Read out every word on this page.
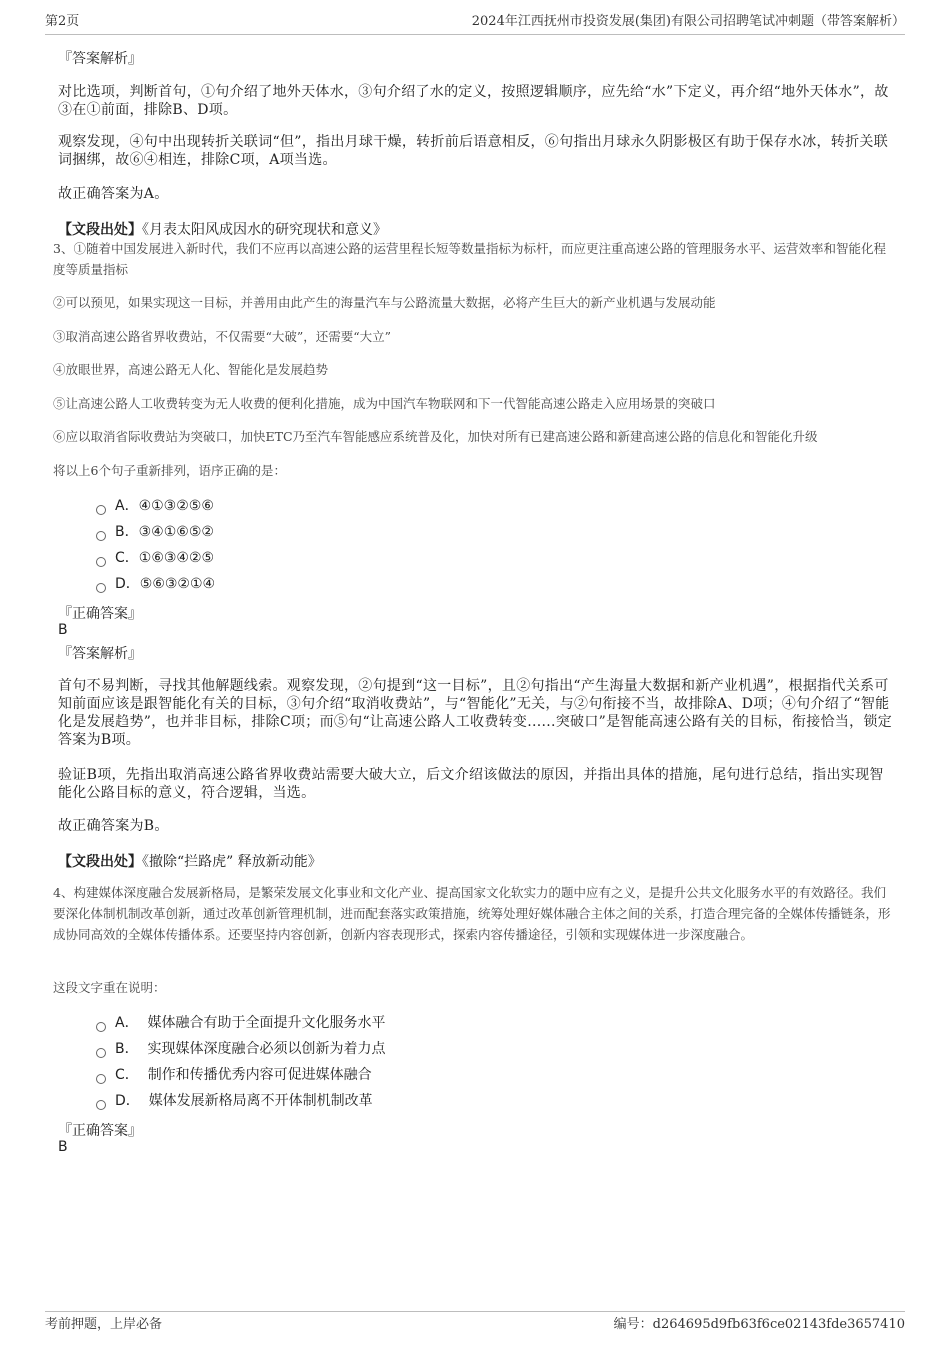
第2页	2024年江西抚州市投资发展(集团)有限公司招聘笔试冲刺题（带答案解析）
『答案解析』

对比选项，判断首句，①句介绍了地外天体水，③句介绍了水的定义，按照逻辑顺序，应先给“水”下定义，再介绍“地外天体水”，故③在①前面，排除B、D项。

观察发现，④句中出现转折关联词“但”，指出月球干燥，转折前后语意相反，⑥句指出月球永久阴影极区有助于保存水冰，转折关联词捆绑，故⑥④相连，排除C项，A项当选。

故正确答案为A。

【文段出处】《月表太阳风成因水的研究现状和意义》

3、①随着中国发展进入新时代，我们不应再以高速公路的运营里程长短等数量指标为标杆，而应更注重高速公路的管理服务水平、运营效率和智能化程度等质量指标

②可以预见，如果实现这一目标，并善用由此产生的海量汽车与公路流量大数据，必将产生巨大的新产业机遇与发展动能

③取消高速公路省界收费站，不仅需要“大破”，还需要“大立”

④放眼世界，高速公路无人化、智能化是发展趋势

⑤让高速公路人工收费转变为无人收费的便利化措施，成为中国汽车物联网和下一代智能高速公路走入应用场景的突破口

⑥应以取消省际收费站为突破口，加快ETC乃至汽车智能感应系统普及化，加快对所有已建高速公路和新建高速公路的信息化和智能化升级

将以上6个句子重新排列，语序正确的是：

A．④①③②⑤⑥
B．③④①⑥⑤②
C．①⑥③④②⑤
D．⑤⑥③②①④
『正确答案』
B
『答案解析』

首句不易判断，寻找其他解题线索。观察发现，②句提到“这一目标”，且②句指出“产生海量大数据和新产业机遇”，根据指代关系可知前面应该是跟智能化有关的目标，③句介绍“取消收费站”，与“智能化”无关，与②句衔接不当，故排除A、D项；④句介绍了“智能化是发展趋势”，也并非目标，排除C项；而⑤句“让高速公路人工收费转变......突破口”是智能高速公路有关的目标，衔接恰当，锁定答案为B项。

验证B项，先指出取消高速公路省界收费站需要大破大立，后文介绍该做法的原因，并指出具体的措施，尾句进行总结，指出实现智能化公路目标的意义，符合逻辑，当选。

故正确答案为B。

【文段出处】《撤除“拦路虎” 释放新动能》

4、构建媒体深度融合发展新格局，是繁荣发展文化事业和文化产业、提高国家文化软实力的题中应有之义，是提升公共文化服务水平的有效路径。我们要深化体制机制改革创新，通过改革创新管理机制，进而配套落实政策措施，统筹处理好媒体融合主体之间的关系，打造合理完备的全媒体传播链条，形成协同高效的全媒体传播体系。还要坚持内容创新，创新内容表现形式，探索内容传播途径，引领和实现媒体进一步深度融合。

这段文字重在说明：

A． 媒体融合有助于全面提升文化服务水平
B． 实现媒体深度融合必须以创新为着力点
C． 制作和传播优秀内容可促进媒体融合
D． 媒体发展新格局离不开体制机制改革
『正确答案』
B
考前押题，上岸必备	编号：d264695d9fb63f6ce02143fde3657410
